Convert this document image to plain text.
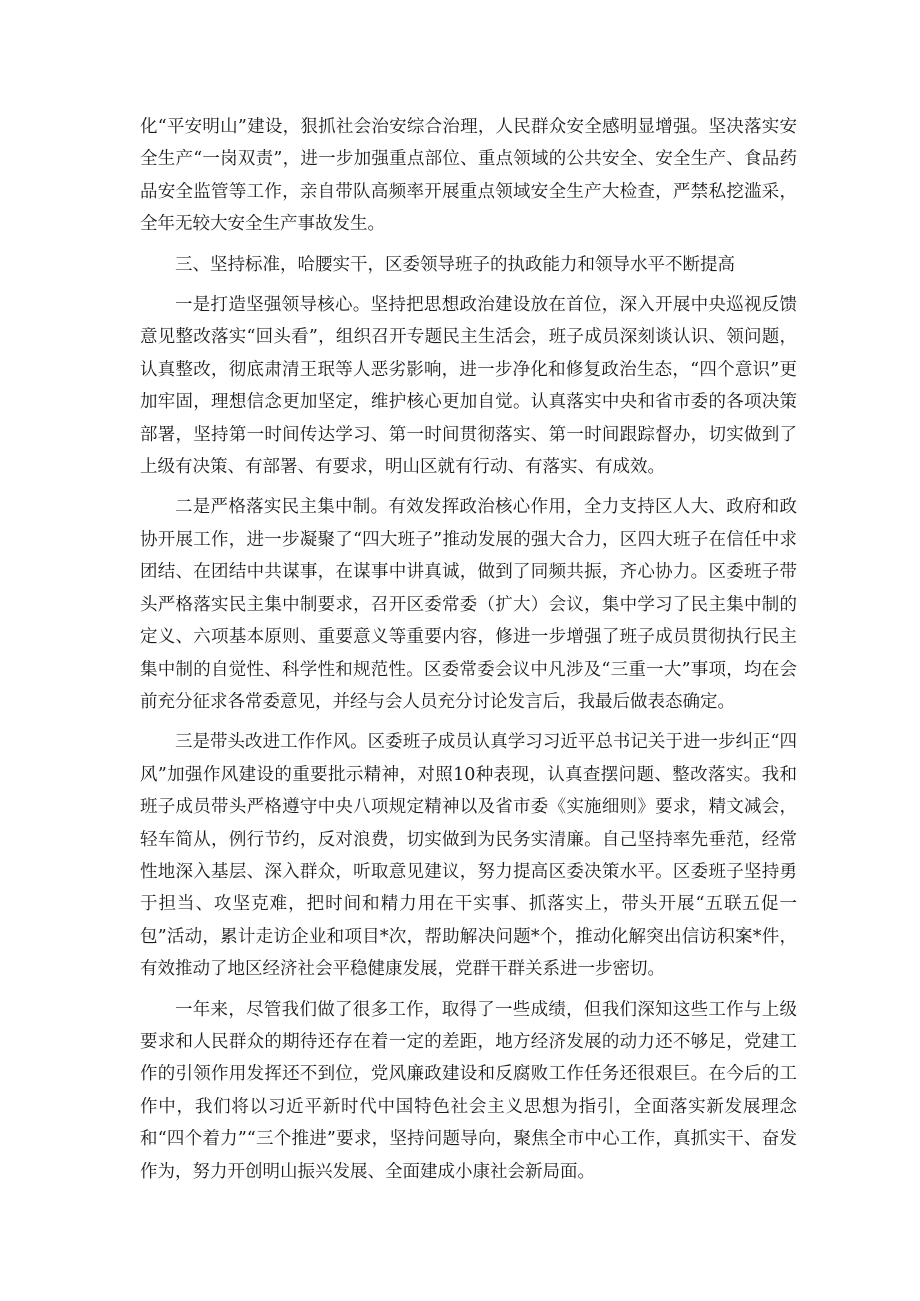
化“平安明山”建设，狠抓社会治安综合治理，人民群众安全感明显增强。坚决落实安全生产“一岗双责”，进一步加强重点部位、重点领域的公共安全、安全生产、食品药品安全监管等工作，亲自带队高频率开展重点领域安全生产大检查，严禁私挖滥采，全年无较大安全生产事故发生。

三、坚持标准，哈腰实干，区委领导班子的执政能力和领导水平不断提高

一是打造坚强领导核心。坚持把思想政治建设放在首位，深入开展中央巡视反馈意见整改落实“回头看”，组织召开专题民主生活会，班子成员深刻谈认识、领问题，认真整改，彻底肃清王珉等人恶劣影响，进一步净化和修复政治生态，“四个意识”更加牢固，理想信念更加坚定，维护核心更加自觉。认真落实中央和省市委的各项决策部署，坚持第一时间传达学习、第一时间贯彻落实、第一时间跟踪督办，切实做到了上级有决策、有部署、有要求，明山区就有行动、有落实、有成效。

二是严格落实民主集中制。有效发挥政治核心作用，全力支持区人大、政府和政协开展工作，进一步凝聚了“四大班子”推动发展的强大合力，区四大班子在信任中求团结、在团结中共谋事，在谋事中讲真诚，做到了同频共振，齐心协力。区委班子带头严格落实民主集中制要求，召开区委常委（扩大）会议，集中学习了民主集中制的定义、六项基本原则、重要意义等重要内容，修进一步增强了班子成员贯彻执行民主集中制的自觉性、科学性和规范性。区委常委会议中凡涉及“三重一大”事项，均在会前充分征求各常委意见，并经与会人员充分讨论发言后，我最后做表态确定。

三是带头改进工作作风。区委班子成员认真学习习近平总书记关于进一步纠正“四风”加强作风建设的重要批示精神，对照10种表现，认真查摆问题、整改落实。我和班子成员带头严格遵守中央八项规定精神以及省市委《实施细则》要求，精文减会，轻车简从，例行节约，反对浪费，切实做到为民务实清廉。自己坚持率先垂范，经常性地深入基层、深入群众，听取意见建议，努力提高区委决策水平。区委班子坚持勇于担当、攻坚克难，把时间和精力用在干实事、抓落实上，带头开展“五联五促一包”活动，累计走访企业和项目*次，帮助解决问题*个，推动化解突出信访积案*件，有效推动了地区经济社会平稳健康发展，党群干群关系进一步密切。

一年来，尽管我们做了很多工作，取得了一些成绩，但我们深知这些工作与上级要求和人民群众的期待还存在着一定的差距，地方经济发展的动力还不够足，党建工作的引领作用发挥还不到位，党风廉政建设和反腐败工作任务还很艰巨。在今后的工作中，我们将以习近平新时代中国特色社会主义思想为指引，全面落实新发展理念和“四个着力”“三个推进”要求，坚持问题导向，聚焦全市中心工作，真抓实干、奋发作为，努力开创明山振兴发展、全面建成小康社会新局面。
